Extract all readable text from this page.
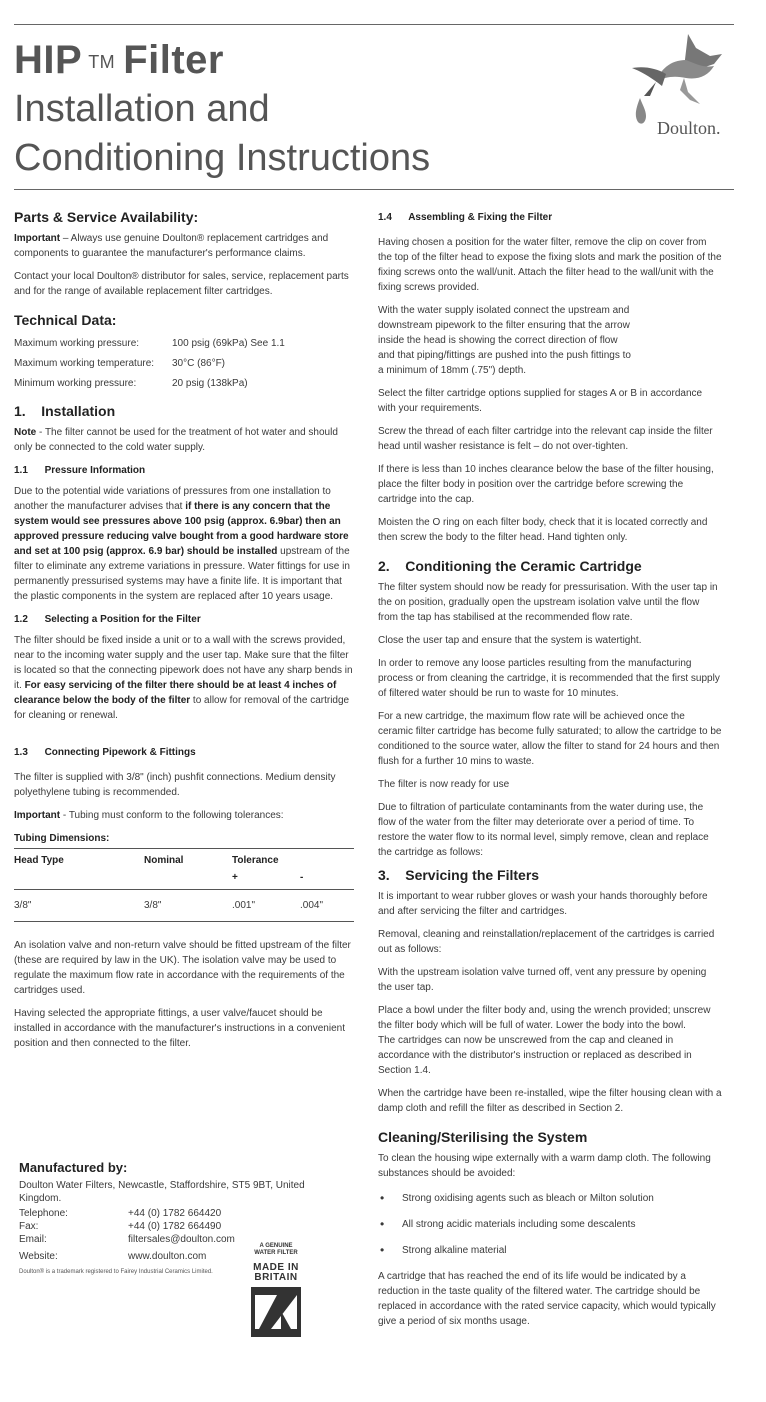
HIP ™ Filter
Installation and
Conditioning Instructions
Doulton.
Parts & Service Availability:

Important – Always use genuine Doulton® replacement cartridges and components to guarantee the manufacturer's performance claims.

Contact your local Doulton® distributor for sales, service, replacement parts and for the range of available replacement filter cartridges.

Technical Data:
Maximum working pressure:	100 psig (69kPa) See 1.1
Maximum working temperature:	30°C (86°F)
Minimum working pressure:	20 psig (138kPa)
1.    Installation

Note - The filter cannot be used for the treatment of hot water and should only be connected to the cold water supply.

1.1      Pressure Information

Due to the potential wide variations of pressures from one installation to another the manufacturer advises that if there is any concern that the system would see pressures above 100 psig (approx. 6.9bar) then an approved pressure reducing valve bought from a good hardware store and set at 100 psig (approx. 6.9 bar) should be installed upstream of the filter to eliminate any extreme variations in pressure. Water fittings for use in permanently pressurised systems may have a finite life. It is important that the plastic components in the system are replaced after 10 years usage.

1.2      Selecting a Position for the Filter

The filter should be fixed inside a unit or to a wall with the screws provided, near to the incoming water supply and the user tap. Make sure that the filter is located so that the connecting pipework does not have any sharp bends in it. For easy servicing of the filter there should be at least 4 inches of clearance below the body of the filter to allow for removal of the cartridge for cleaning or renewal.

1.3      Connecting Pipework & Fittings

The filter is supplied with 3/8" (inch) pushfit connections. Medium density polyethylene tubing is recommended.

Important - Tubing must conform to the following tolerances:

Tubing Dimensions:
Head Type	Nominal	Tolerance	
		+	-
3/8"	3/8"	.001"	.004"

An isolation valve and non-return valve should be fitted upstream of the filter (these are required by law in the UK). The isolation valve may be used to regulate the maximum flow rate in accordance with the requirements of the cartridges used.

Having selected the appropriate fittings, a user valve/faucet should be installed in accordance with the manufacturer's instructions in a convenient position and then connected to the filter.

Manufactured by:
Doulton Water Filters, Newcastle, Staffordshire, ST5 9BT, United Kingdom.
Telephone:	+44 (0) 1782 664420
Fax:	+44 (0) 1782 664490
Email:	filtersales@doulton.com
Website:	www.doulton.com
Doulton® is a trademark registered to Fairey Industrial Ceramics Limited.
A GENUINE
WATER FILTER
MADE IN
BRITAIN
1.4      Assembling & Fixing the Filter

Having chosen a position for the water filter, remove the clip on cover from the top of the filter head to expose the fixing slots and mark the position of the fixing screws onto the wall/unit. Attach the filter head to the wall/unit with the fixing screws provided.

With the water supply isolated connect the upstream and downstream pipework to the filter ensuring that the arrow inside the head is showing the correct direction of flow and that piping/fittings are pushed into the push fittings to a minimum of 18mm (.75") depth.

Select the filter cartridge options supplied for stages A or B in accordance with your requirements.

Screw the thread of each filter cartridge into the relevant cap inside the filter head until washer resistance is felt – do not over-tighten.

If there is less than 10 inches clearance below the base of the filter housing, place the filter body in position over the cartridge before screwing the cartridge into the cap.

Moisten the O ring on each filter body, check that it is located correctly and then screw the body to the filter head. Hand tighten only.

2.    Conditioning the Ceramic Cartridge

The filter system should now be ready for pressurisation. With the user tap in the on position, gradually open the upstream isolation valve until the flow from the tap has stabilised at the recommended flow rate.

Close the user tap and ensure that the system is watertight.

In order to remove any loose particles resulting from the manufacturing process or from cleaning the cartridge, it is recommended that the first supply of filtered water should be run to waste for 10 minutes.

For a new cartridge, the maximum flow rate will be achieved once the ceramic filter cartridge has become fully saturated; to allow the cartridge to be conditioned to the source water, allow the filter to stand for 24 hours and then flush for a further 10 mins to waste.

The filter is now ready for use

Due to filtration of particulate contaminants from the water during use, the flow of the water from the filter may deteriorate over a period of time. To restore the water flow to its normal level, simply remove, clean and replace the cartridge as follows:

3.    Servicing the Filters

It is important to wear rubber gloves or wash your hands thoroughly before and after servicing the filter and cartridges.

Removal, cleaning and reinstallation/replacement of the cartridges is carried out as follows:

With the upstream isolation valve turned off, vent any pressure by opening the user tap.

Place a bowl under the filter body and, using the wrench provided; unscrew the filter body which will be full of water. Lower the body into the bowl.
The cartridges can now be unscrewed from the cap and cleaned in accordance with the distributor's instruction or replaced as described in Section 1.4.

When the cartridge have been re-installed, wipe the filter housing clean with a damp cloth and refill the filter as described in Section 2.

Cleaning/Sterilising the System

To clean the housing wipe externally with a warm damp cloth. The following substances should be avoided:

• Strong oxidising agents such as bleach or Milton solution
• All strong acidic materials including some descalents
• Strong alkaline material

A cartridge that has reached the end of its life would be indicated by a reduction in the taste quality of the filtered water. The cartridge should be replaced in accordance with the rated service capacity, which would typically give a period of six months usage.
